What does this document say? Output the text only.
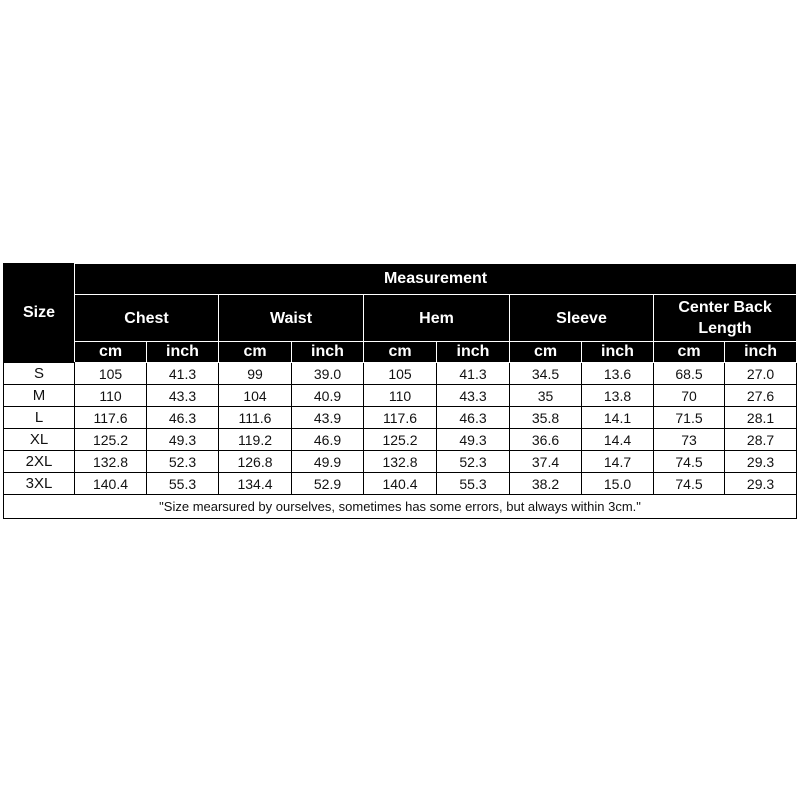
Size	Measurement									
	Chest		Waist		Hem		Sleeve		Center Back Length	
	cm	inch	cm	inch	cm	inch	cm	inch	cm	inch
S	105	41.3	99	39.0	105	41.3	34.5	13.6	68.5	27.0
M	110	43.3	104	40.9	110	43.3	35	13.8	70	27.6
L	117.6	46.3	111.6	43.9	117.6	46.3	35.8	14.1	71.5	28.1
XL	125.2	49.3	119.2	46.9	125.2	49.3	36.6	14.4	73	28.7
2XL	132.8	52.3	126.8	49.9	132.8	52.3	37.4	14.7	74.5	29.3
3XL	140.4	55.3	134.4	52.9	140.4	55.3	38.2	15.0	74.5	29.3
"Size mearsured by ourselves, sometimes has some errors, but always within 3cm."										
